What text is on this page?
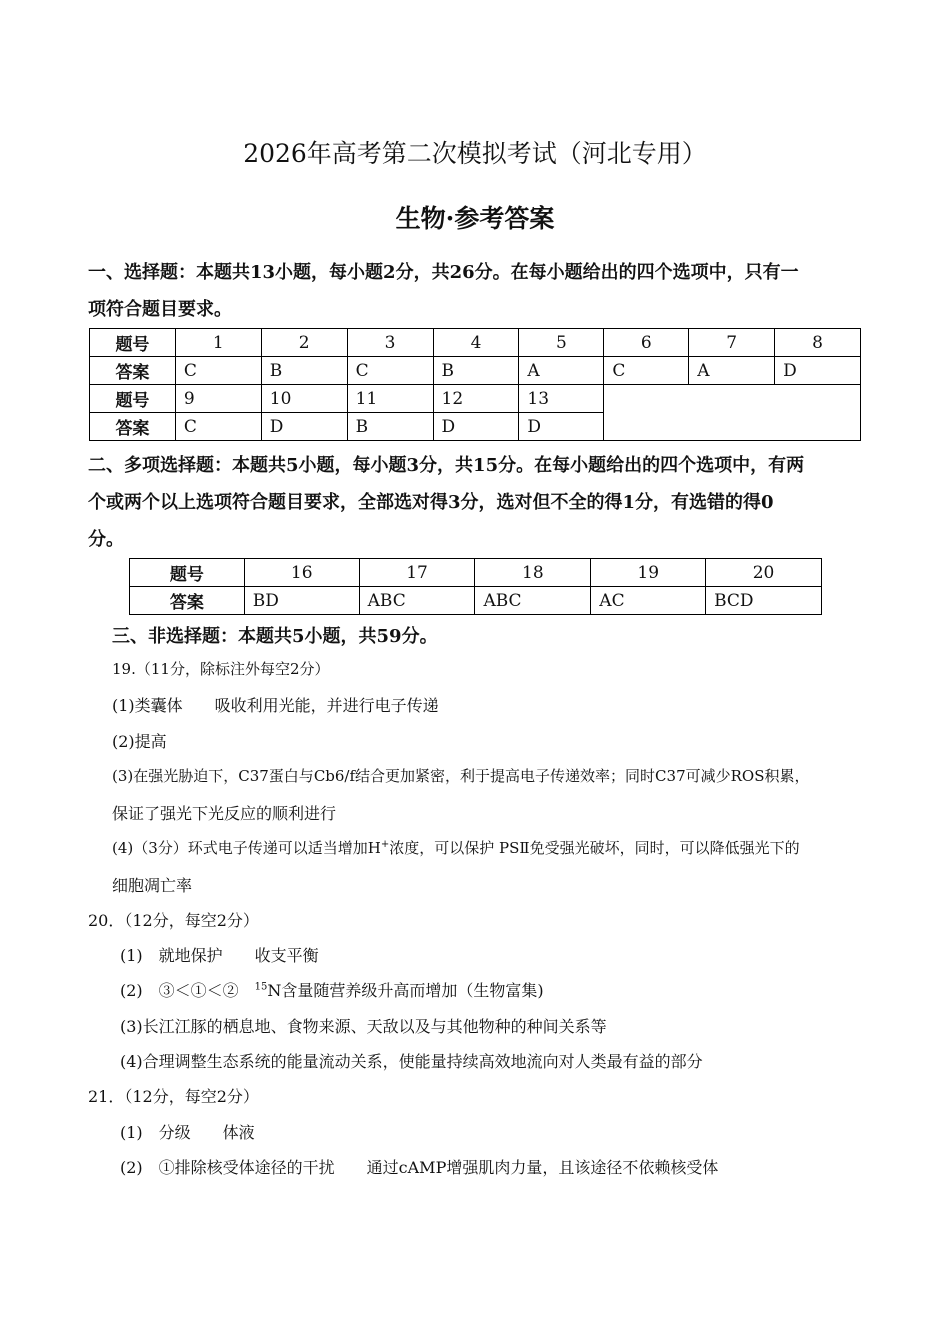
2026年高考第二次模拟考试（河北专用）
生物·参考答案
一、选择题：本题共13小题，每小题2分，共26分。在每小题给出的四个选项中，只有一
项符合题目要求。
题号	1	2	3	4	5	6	7	8
答案	C	B	C	B	A	C	A	D
题号	9	10	11	12	13			
答案	C	D	B	D	D			
二、多项选择题：本题共5小题，每小题3分，共15分。在每小题给出的四个选项中，有两
个或两个以上选项符合题目要求，全部选对得3分，选对但不全的得1分，有选错的得0
分。
题号	16	17	18	19	20
答案	BD	ABC	ABC	AC	BCD
三、非选择题：本题共5小题，共59分。
19.（11分，除标注外每空2分）
(1)类囊体　　吸收利用光能，并进行电子传递
(2)提高
(3)在强光胁迫下，C37蛋白与Cb6/f结合更加紧密，利于提高电子传递效率；同时C37可减少ROS积累，
保证了强光下光反应的顺利进行
(4)（3分）环式电子传递可以适当增加H+浓度，可以保护 PSⅡ免受强光破坏，同时，可以降低强光下的
细胞凋亡率
20．（12分，每空2分）
(1)　就地保护　　收支平衡
(2)　③＜①＜②　$^{15}$N含量随营养级升高而增加（生物富集)
(3)长江江豚的栖息地、食物来源、天敌以及与其他物种的种间关系等
(4)合理调整生态系统的能量流动关系，使能量持续高效地流向对人类最有益的部分
21．（12分，每空2分）
(1)　分级　　体液
(2)　①排除核受体途径的干扰　　通过cAMP增强肌肉力量，且该途径不依赖核受体
